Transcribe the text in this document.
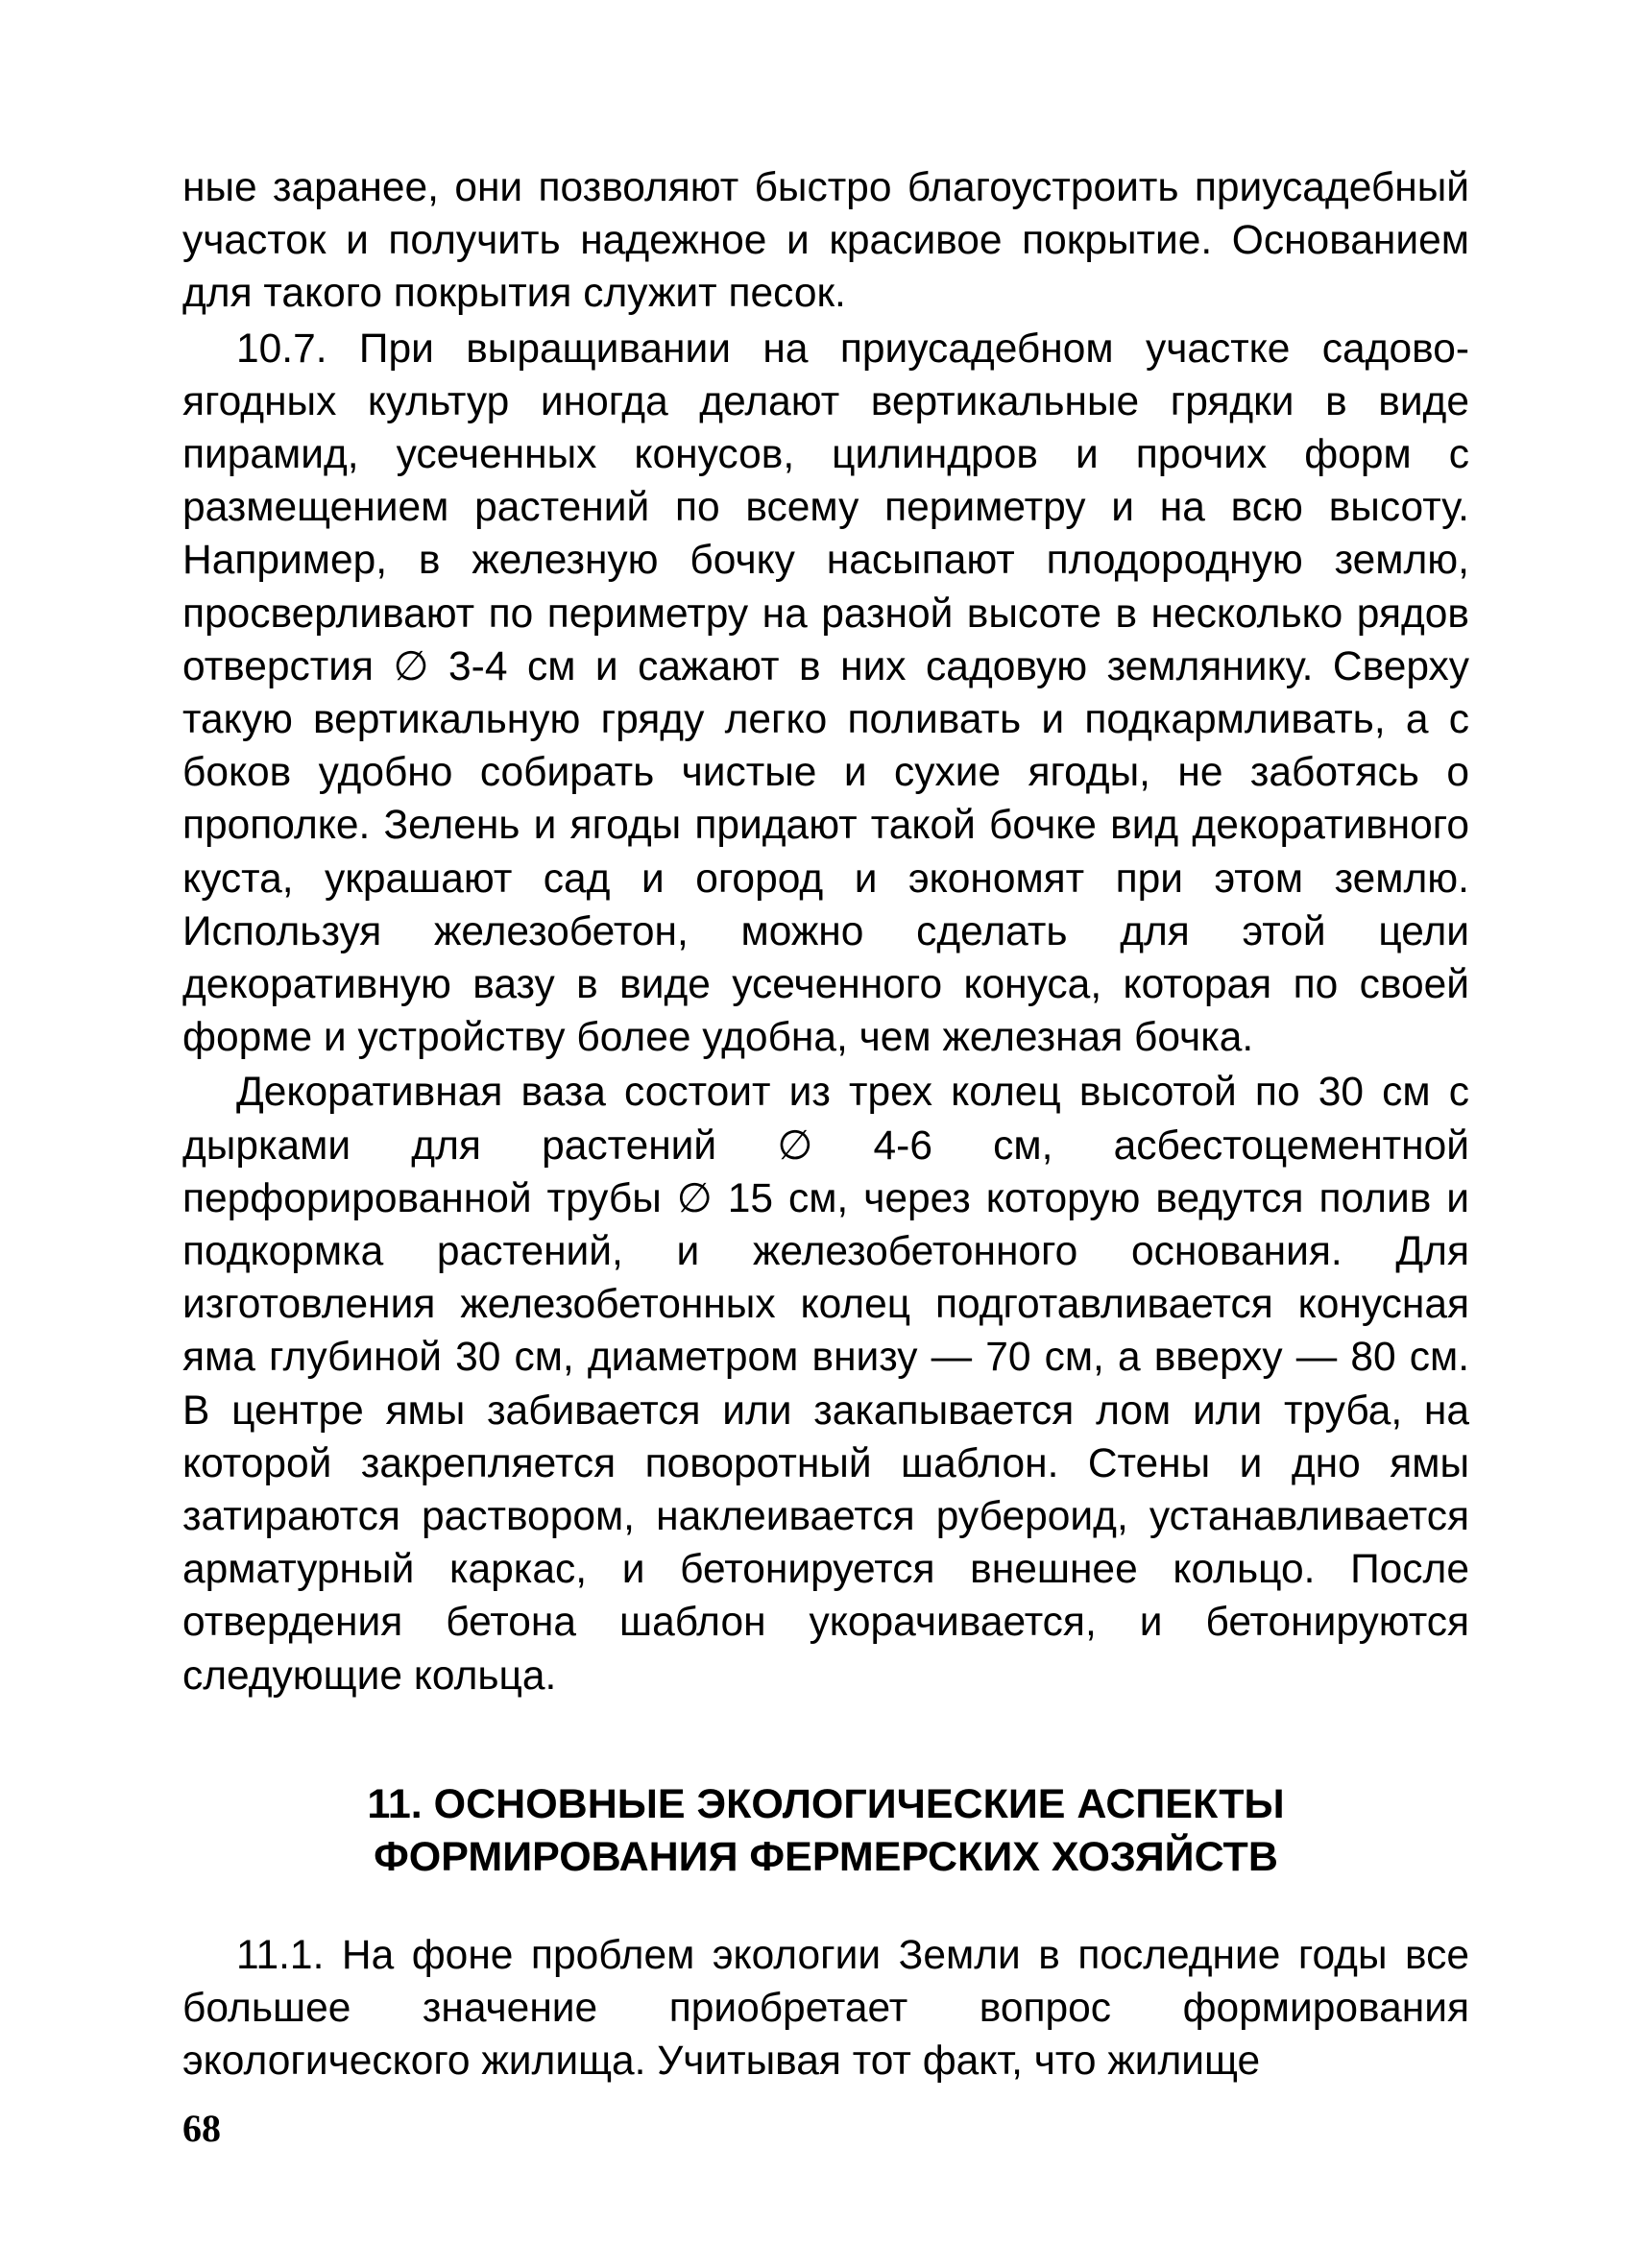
ные заранее, они позволяют быстро благоустроить приусадебный участок и получить надежное и красивое покрытие. Основанием для такого покрытия служит песок.

10.7. При выращивании на приусадебном участке садово-ягодных культур иногда делают вертикальные грядки в виде пирамид, усеченных конусов, цилиндров и прочих форм с размещением растений по всему периметру и на всю высоту. Например, в железную бочку насыпают плодородную землю, просверливают по периметру на разной высоте в несколько рядов отверстия ∅ 3-4 см и сажают в них садовую землянику. Сверху такую вертикальную гряду легко поливать и подкармливать, а с боков удобно собирать чистые и сухие ягоды, не заботясь о прополке. Зелень и ягоды придают такой бочке вид декоративного куста, украшают сад и огород и экономят при этом землю. Используя железобетон, можно сделать для этой цели декоративную вазу в виде усеченного конуса, которая по своей форме и устройству более удобна, чем железная бочка.

Декоративная ваза состоит из трех колец высотой по 30 см с дырками для растений ∅ 4-6 см, асбестоцементной перфорированной трубы ∅ 15 см, через которую ведутся полив и подкормка растений, и железобетонного основания. Для изготовления железобетонных колец подготавливается конусная яма глубиной 30 см, диаметром внизу — 70 см, а вверху — 80 см. В центре ямы забивается или закапывается лом или труба, на которой закрепляется поворотный шаблон. Стены и дно ямы затираются раствором, наклеивается рубероид, устанавливается арматурный каркас, и бетонируется внешнее кольцо. После отвердения бетона шаблон укорачивается, и бетонируются следующие кольца.

11. ОСНОВНЫЕ ЭКОЛОГИЧЕСКИЕ АСПЕКТЫ
ФОРМИРОВАНИЯ ФЕРМЕРСКИХ ХОЗЯЙСТВ

11.1. На фоне проблем экологии Земли в последние годы все большее значение приобретает вопрос формирования экологического жилища. Учитывая тот факт, что жилище

68
